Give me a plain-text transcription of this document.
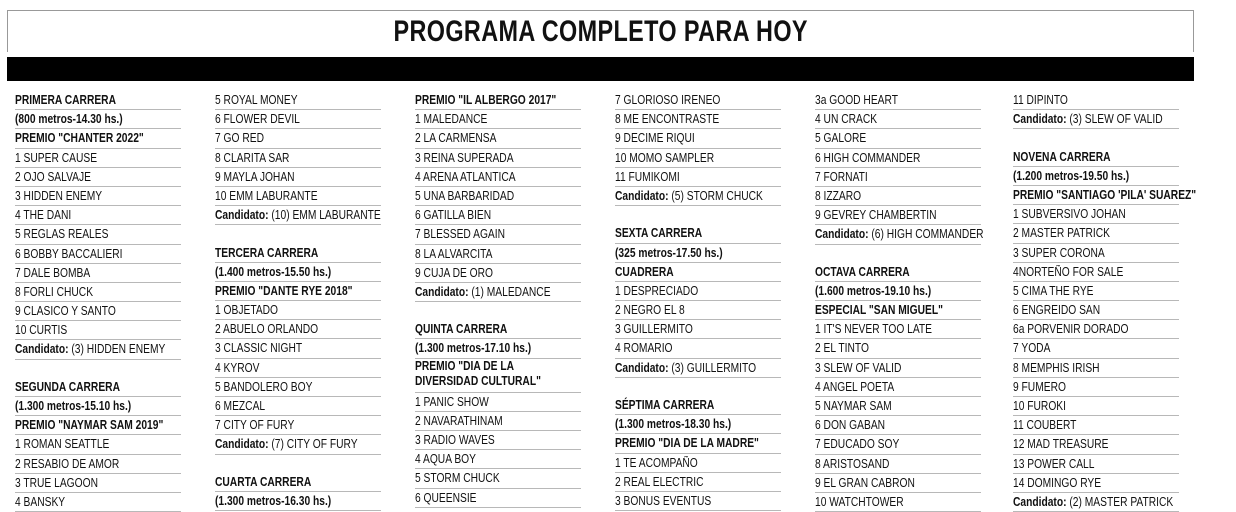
PROGRAMA COMPLETO PARA HOY
PRIMERA CARRERA
(800 metros-14.30 hs.)
PREMIO "CHANTER 2022"
1 SUPER CAUSE
2 OJO SALVAJE
3 HIDDEN ENEMY
4 THE DANI
5 REGLAS REALES
6 BOBBY BACCALIERI
7 DALE BOMBA
8 FORLI CHUCK
9 CLASICO Y SANTO
10 CURTIS
Candidato: (3) HIDDEN ENEMY

SEGUNDA CARRERA
(1.300 metros-15.10 hs.)
PREMIO "NAYMAR SAM 2019"
1 ROMAN SEATTLE
2 RESABIO DE AMOR
3 TRUE LAGOON
4 BANSKY
5 ROYAL MONEY
6 FLOWER DEVIL
7 GO RED
8 CLARITA SAR
9 MAYLA JOHAN
10 EMM LABURANTE
Candidato: (10) EMM LABURANTE

TERCERA CARRERA
(1.400 metros-15.50 hs.)
PREMIO "DANTE RYE 2018"
1 OBJETADO
2 ABUELO ORLANDO
3 CLASSIC NIGHT
4 KYROV
5 BANDOLERO BOY
6 MEZCAL
7 CITY OF FURY
Candidato: (7) CITY OF FURY

CUARTA CARRERA
(1.300 metros-16.30 hs.)
PREMIO "IL ALBERGO 2017"
1 MALEDANCE
2 LA CARMENSA
3 REINA SUPERADA
4 ARENA ATLANTICA
5 UNA BARBARIDAD
6 GATILLA BIEN
7 BLESSED AGAIN
8 LA ALVARCITA
9 CUJA DE ORO
Candidato: (1) MALEDANCE

QUINTA CARRERA
(1.300 metros-17.10 hs.)
PREMIO "DIA DE LA DIVERSIDAD CULTURAL"
1 PANIC SHOW
2 NAVARATHINAM
3 RADIO WAVES
4 AQUA BOY
5 STORM CHUCK
6 QUEENSIE
7 GLORIOSO IRENEO
8 ME ENCONTRASTE
9 DECIME RIQUI
10 MOMO SAMPLER
11 FUMIKOMI
Candidato: (5) STORM CHUCK

SEXTA CARRERA
(325 metros-17.50 hs.)
CUADRERA
1 DESPRECIADO
2 NEGRO EL 8
3 GUILLERMITO
4 ROMARIO
Candidato: (3) GUILLERMITO

SÉPTIMA CARRERA
(1.300 metros-18.30 hs.)
PREMIO "DIA DE LA MADRE"
1 TE ACOMPAÑO
2 REAL ELECTRIC
3 BONUS EVENTUS
3a GOOD HEART
4 UN CRACK
5 GALORE
6 HIGH COMMANDER
7 FORNATI
8 IZZARO
9 GEVREY CHAMBERTIN
Candidato: (6) HIGH COMMANDER

OCTAVA CARRERA
(1.600 metros-19.10 hs.)
ESPECIAL "SAN MIGUEL"
1 IT'S NEVER TOO LATE
2 EL TINTO
3 SLEW OF VALID
4 ANGEL POETA
5 NAYMAR SAM
6 DON GABAN
7 EDUCADO SOY
8 ARISTOSAND
9 EL GRAN CABRON
10 WATCHTOWER
11 DIPINTO
Candidato: (3) SLEW OF VALID

NOVENA CARRERA
(1.200 metros-19.50 hs.)
PREMIO "SANTIAGO 'PILA' SUAREZ"
1 SUBVERSIVO JOHAN
2 MASTER PATRICK
3 SUPER CORONA
4NORTEÑO FOR SALE
5 CIMA THE RYE
6 ENGREIDO SAN
6a PORVENIR DORADO
7 YODA
8 MEMPHIS IRISH
9 FUMERO
10 FUROKI
11 COUBERT
12 MAD TREASURE
13 POWER CALL
14 DOMINGO RYE
Candidato: (2) MASTER PATRICK
